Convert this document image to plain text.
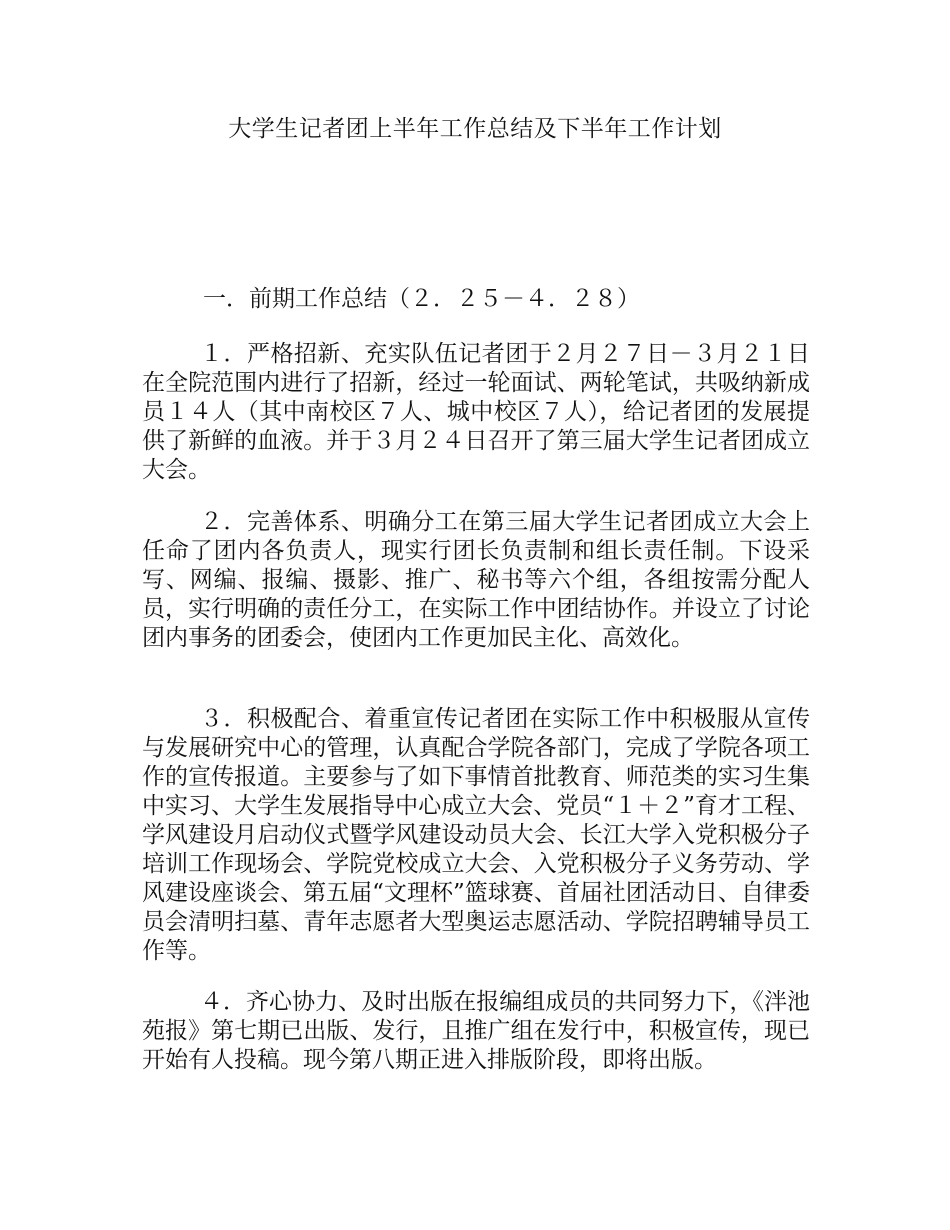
大学生记者团上半年工作总结及下半年工作计划
一．前期工作总结（２．２５－４．２８）

１．严格招新、充实队伍记者团于２月２７日－３月２１日在全院范围内进行了招新，经过一轮面试、两轮笔试，共吸纳新成员１４人（其中南校区７人、城中校区７人），给记者团的发展提供了新鲜的血液。并于３月２４日召开了第三届大学生记者团成立大会。

２．完善体系、明确分工在第三届大学生记者团成立大会上任命了团内各负责人，现实行团长负责制和组长责任制。下设采写、网编、报编、摄影、推广、秘书等六个组，各组按需分配人员，实行明确的责任分工，在实际工作中团结协作。并设立了讨论团内事务的团委会，使团内工作更加民主化、高效化。

３．积极配合、着重宣传记者团在实际工作中积极服从宣传与发展研究中心的管理，认真配合学院各部门，完成了学院各项工作的宣传报道。主要参与了如下事情首批教育、师范类的实习生集中实习、大学生发展指导中心成立大会、党员“１＋２”育才工程、学风建设月启动仪式暨学风建设动员大会、长江大学入党积极分子培训工作现场会、学院党校成立大会、入党积极分子义务劳动、学风建设座谈会、第五届“文理杯”篮球赛、首届社团活动日、自律委员会清明扫墓、青年志愿者大型奥运志愿活动、学院招聘辅导员工作等。

４．齐心协力、及时出版在报编组成员的共同努力下，《泮池苑报》第七期已出版、发行，且推广组在发行中，积极宣传，现已开始有人投稿。现今第八期正进入排版阶段，即将出版。
